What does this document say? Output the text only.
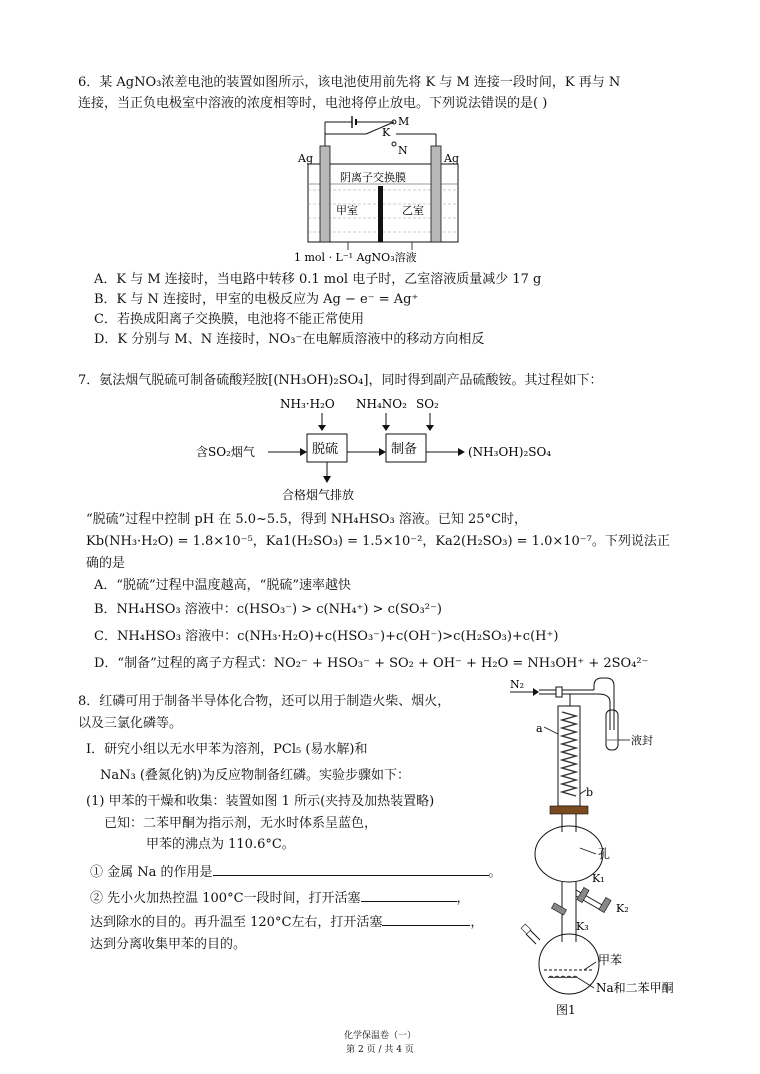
6．某 AgNO₃浓差电池的装置如图所示，该电池使用前先将 K 与 M 连接一段时间，K 再与 N
连接，当正负电极室中溶液的浓度相等时，电池将停止放电。下列说法错误的是( )
K
M
N
Ag	Ag
阴离子交换膜
甲室	乙室
1 mol · L⁻¹ AgNO₃溶液
A．K 与 M 连接时，当电路中转移 0.1 mol 电子时，乙室溶液质量减少 17 g
B．K 与 N 连接时，甲室的电极反应为 Ag − e⁻ = Ag⁺
C．若换成阳离子交换膜，电池将不能正常使用
D．K 分别与 M、N 连接时，NO₃⁻在电解质溶液中的移动方向相反
7．氨法烟气脱硫可制备硫酸羟胺[(NH₃OH)₂SO₄]，同时得到副产品硫酸铵。其过程如下：
NH₃·H₂O NH₄NO₂ SO₂
含SO₂烟气	脱硫	制备	(NH₃OH)₂SO₄
合格烟气排放
“脱硫”过程中控制 pH 在 5.0~5.5，得到 NH₄HSO₃ 溶液。已知 25°C时，
Kb(NH₃·H₂O) = 1.8×10⁻⁵，Ka1(H₂SO₃) = 1.5×10⁻²，Ka2(H₂SO₃) = 1.0×10⁻⁷。下列说法正
确的是
A．“脱硫”过程中温度越高，“脱硫”速率越快
B．NH₄HSO₃ 溶液中：c(HSO₃⁻) > c(NH₄⁺) > c(SO₃²⁻)
C．NH₄HSO₃ 溶液中：c(NH₃·H₂O)+c(HSO₃⁻)+c(OH⁻)>c(H₂SO₃)+c(H⁺)
D．“制备”过程的离子方程式：NO₂⁻ + HSO₃⁻ + SO₂ + OH⁻ + H₂O = NH₃OH⁺ + 2SO₄²⁻
8．红磷可用于制备半导体化合物，还可以用于制造火柴、烟火，
以及三氯化磷等。
I．研究小组以无水甲苯为溶剂，PCl₅ (易水解)和
NaN₃ (叠氮化钠)为反应物制备红磷。实验步骤如下：
(1) 甲苯的干燥和收集：装置如图 1 所示(夹持及加热装置略)
已知：二苯甲酮为指示剂，无水时体系呈蓝色，
甲苯的沸点为 110.6°C。
① 金属 Na 的作用是	。
② 先小火加热控温 100°C一段时间，打开活塞	，
达到除水的目的。再升温至 120°C左右，打开活塞	，
达到分离收集甲苯的目的。
N₂
液封
a
b
孔
K₁
K₂
K₃
甲苯
Na和二苯甲酮
图1
化学保温卷（一）
第 2 页 / 共 4 页
